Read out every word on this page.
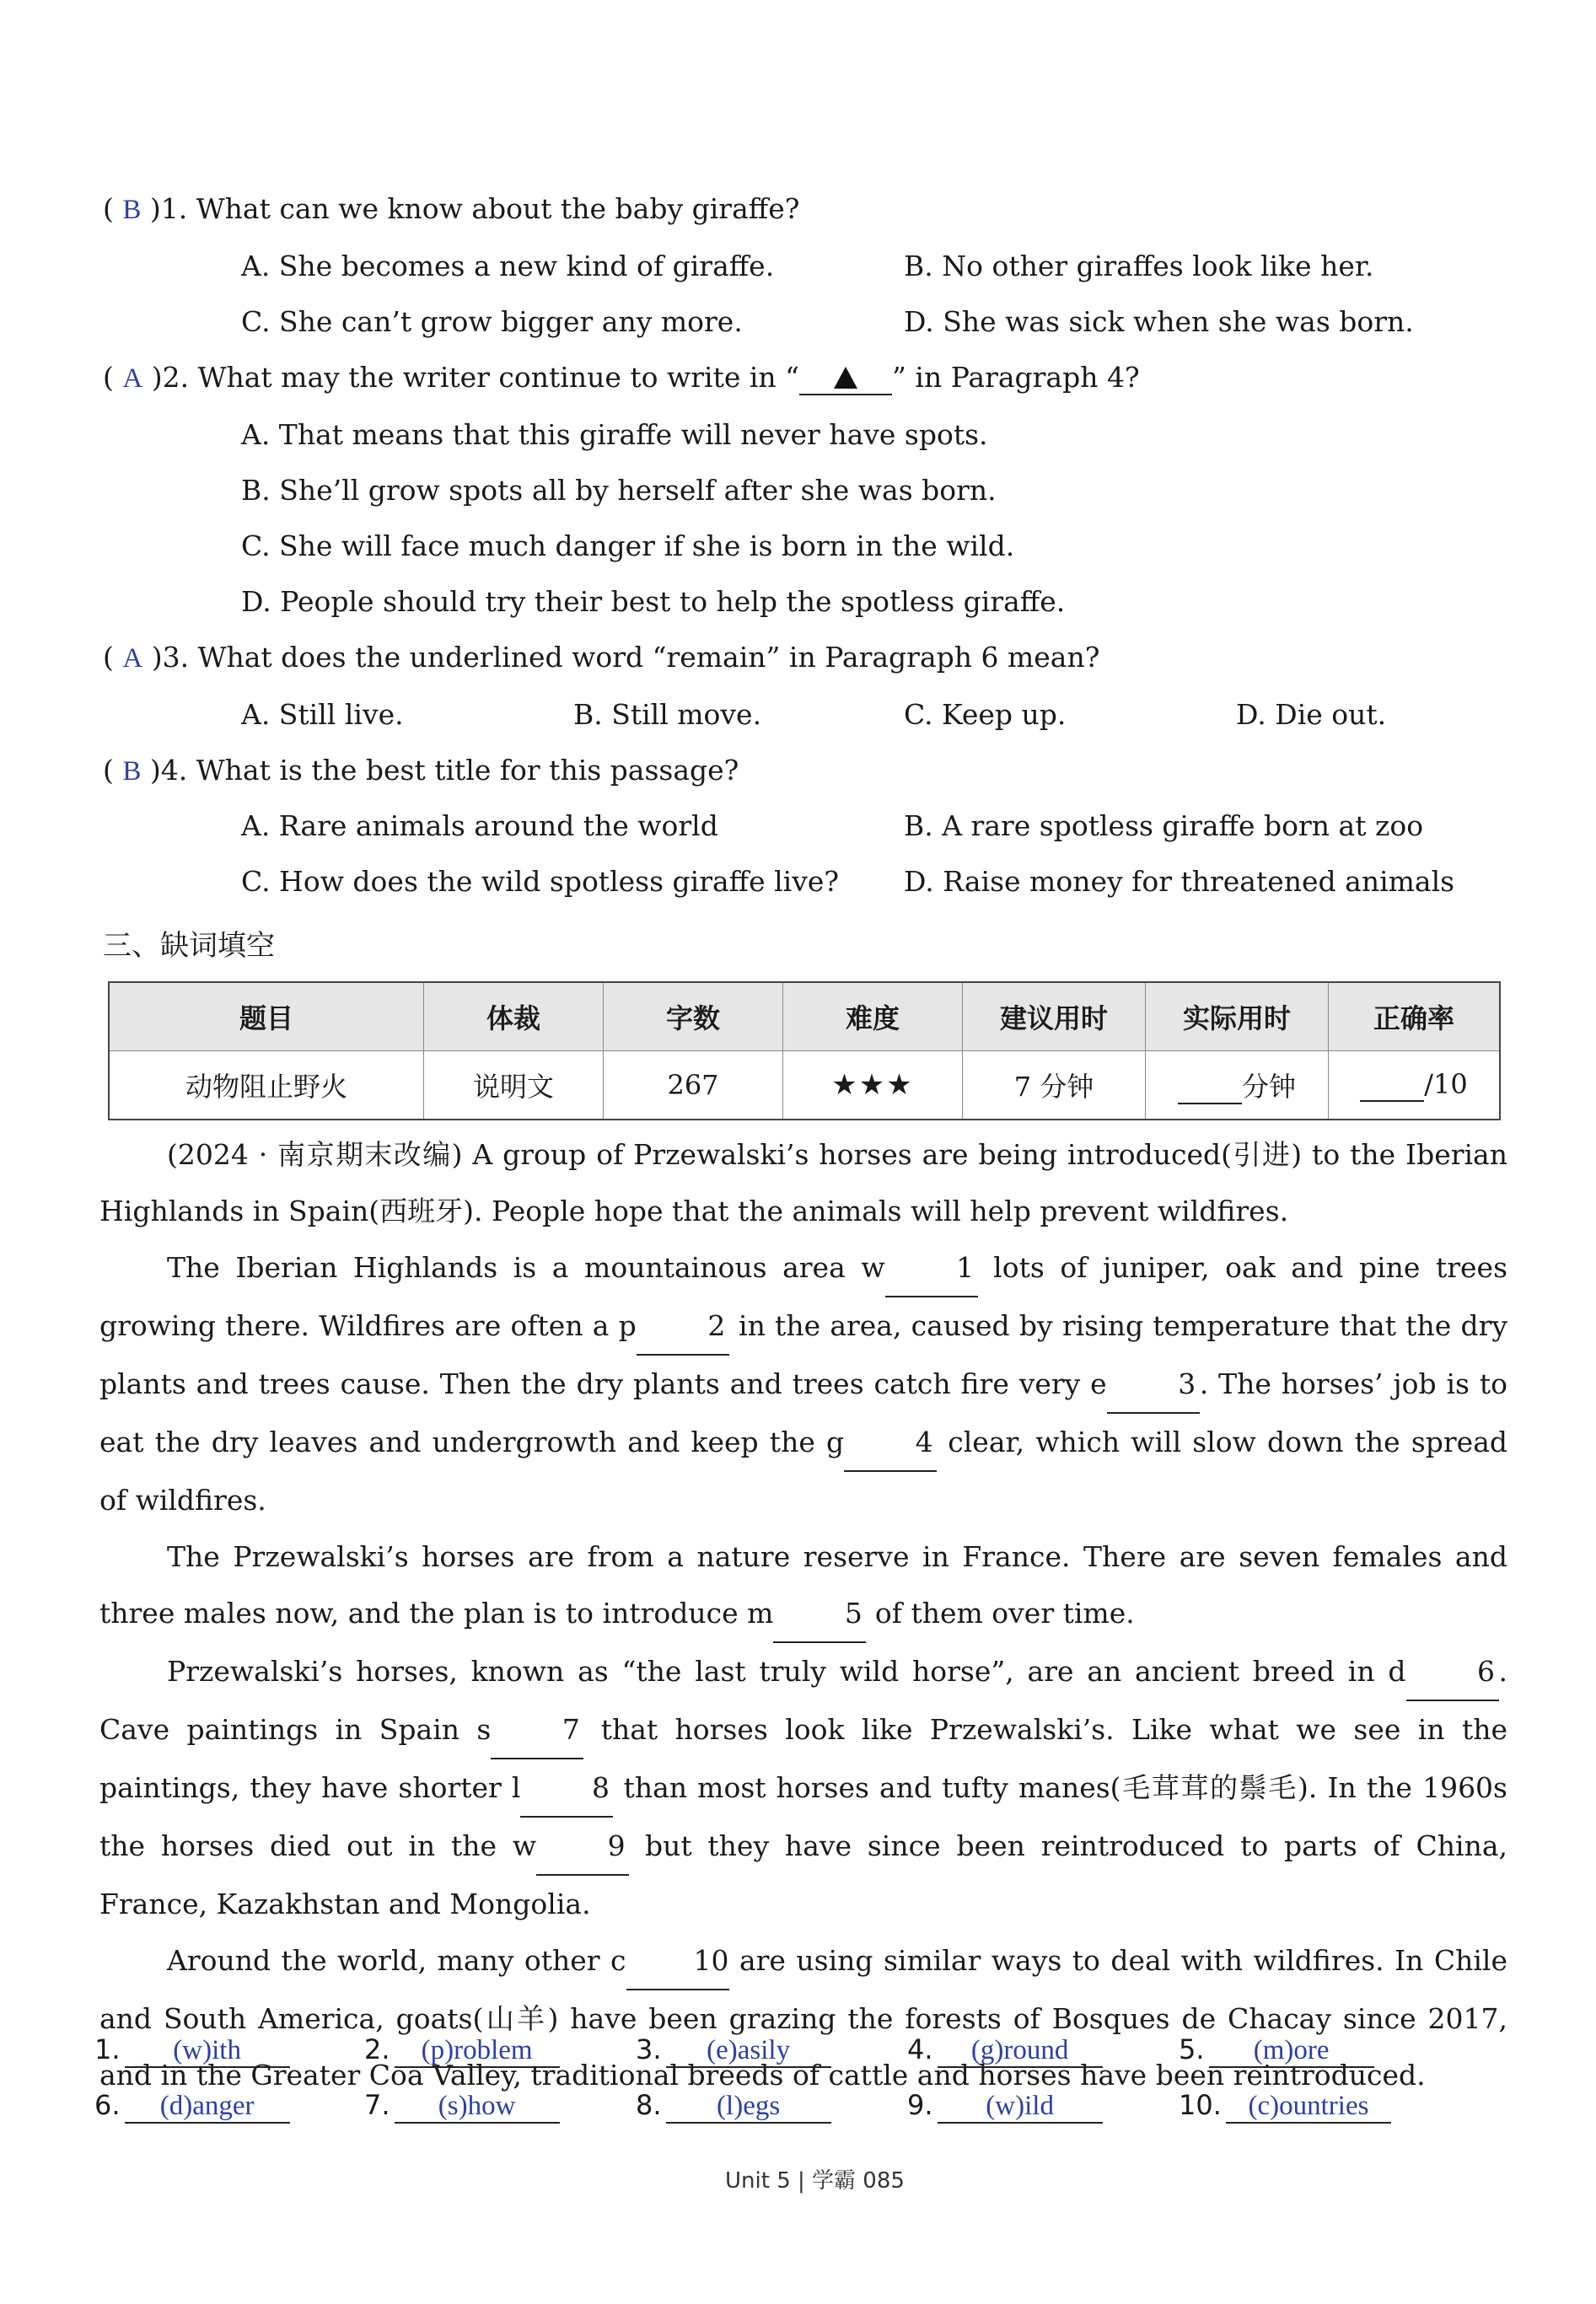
( B )1. What can we know about the baby giraffe?
A. She becomes a new kind of giraffe.	B. No other giraffes look like her.
C. She can’t grow bigger any more.	D. She was sick when she was born.
( A )2. What may the writer continue to write in “	” in Paragraph 4?
A. That means that this giraffe will never have spots.
B. She’ll grow spots all by herself after she was born.
C. She will face much danger if she is born in the wild.
D. People should try their best to help the spotless giraffe.
( A )3. What does the underlined word “remain” in Paragraph 6 mean?
A. Still live.	B. Still move.	C. Keep up.	D. Die out.
( B )4. What is the best title for this passage?
A. Rare animals around the world	B. A rare spotless giraffe born at zoo
C. How does the wild spotless giraffe live? D. Raise money for threatened animals
三、缺词填空
题目	体裁	字数	难度	建议用时	实际用时	正确率
动物阻止野火	说明文	267	★★★	7 分钟	分钟	/10

(2024 · 南京期末改编) A group of Przewalski’s horses are being introduced(引进) to the Iberian Highlands in Spain(西班牙). People hope that the animals will help prevent wildfires.

The Iberian Highlands is a mountainous area w	1 lots of juniper, oak and pine trees growing there. Wildfires are often a p	2 in the area, caused by rising temperature that the dry plants and trees cause. Then the dry plants and trees catch fire very e	3 . The horses’ job is to eat the dry leaves and undergrowth and keep the g	4 clear, which will slow down the spread of wildfires.

The Przewalski’s horses are from a nature reserve in France. There are seven females and three males now, and the plan is to introduce m	5 of them over time.

Przewalski’s horses, known as “the last truly wild horse”, are an ancient breed in d	6 . Cave paintings in Spain s	7 that horses look like Przewalski’s. Like what we see in the paintings, they have shorter l	8 than most horses and tufty manes(毛茸茸的鬃毛). In the 1960s the horses died out in the w	9 but they have since been reintroduced to parts of China, France, Kazakhstan and Mongolia.

Around the world, many other c 10 are using similar ways to deal with wildfires. In Chile and South America, goats(山羊) have been grazing the forests of Bosques de Chacay since 2017, and in the Greater Coa Valley, traditional breeds of cattle and horses have been reintroduced.

1. (w)ith	2. (p)roblem	3. (e)asily	4. (g)round	5. (m)ore
6. (d)anger	7. (s)how	8. (l)egs	9. (w)ild	10. (c)ountries
Unit 5 | 学霸 085
